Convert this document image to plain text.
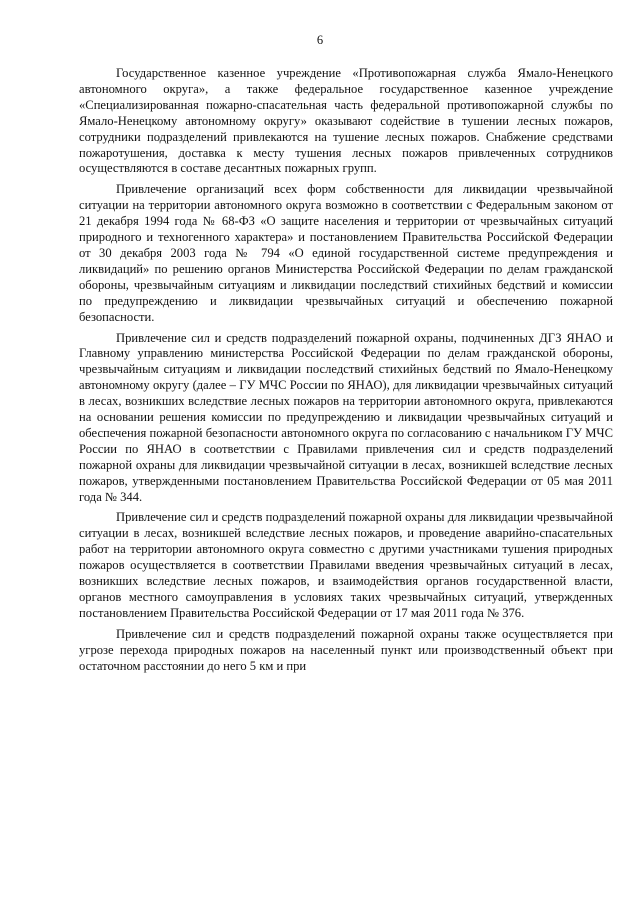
6

Государственное казенное учреждение «Противопожарная служба Ямало-Ненецкого автономного округа», а также федеральное государственное казенное учреждение «Специализированная пожарно-спасательная часть федеральной противопожарной службы по Ямало-Ненецкому автономному округу» оказывают содействие в тушении лесных пожаров, сотрудники подразделений привлекаются на тушение лесных пожаров. Снабжение средствами пожаротушения, доставка к месту тушения лесных пожаров привлеченных сотрудников осуществляются в составе десантных пожарных групп.

Привлечение организаций всех форм собственности для ликвидации чрезвычайной ситуации на территории автономного округа возможно в соответствии с Федеральным законом от 21 декабря 1994 года № 68-ФЗ «О защите населения и территории от чрезвычайных ситуаций природного и техногенного характера» и постановлением Правительства Российской Федерации от 30 декабря 2003 года № 794 «О единой государственной системе предупреждения и ликвидаций» по решению органов Министерства Российской Федерации по делам гражданской обороны, чрезвычайным ситуациям и ликвидации последствий стихийных бедствий и комиссии по предупреждению и ликвидации чрезвычайных ситуаций и обеспечению пожарной безопасности.

Привлечение сил и средств подразделений пожарной охраны, подчиненных ДГЗ ЯНАО и Главному управлению министерства Российской Федерации по делам гражданской обороны, чрезвычайным ситуациям и ликвидации последствий стихийных бедствий по Ямало-Ненецкому автономному округу (далее – ГУ МЧС России по ЯНАО), для ликвидации чрезвычайных ситуаций в лесах, возникших вследствие лесных пожаров на территории автономного округа, привлекаются на основании решения комиссии по предупреждению и ликвидации чрезвычайных ситуаций и обеспечения пожарной безопасности автономного округа по согласованию с начальником ГУ МЧС России по ЯНАО в соответствии с Правилами привлечения сил и средств подразделений пожарной охраны для ликвидации чрезвычайной ситуации в лесах, возникшей вследствие лесных пожаров, утвержденными постановлением Правительства Российской Федерации от 05 мая 2011 года № 344.

Привлечение сил и средств подразделений пожарной охраны для ликвидации чрезвычайной ситуации в лесах, возникшей вследствие лесных пожаров, и проведение аварийно-спасательных работ на территории автономного округа совместно с другими участниками тушения природных пожаров осуществляется в соответствии Правилами введения чрезвычайных ситуаций в лесах, возникших вследствие лесных пожаров, и взаимодействия органов государственной власти, органов местного самоуправления в условиях таких чрезвычайных ситуаций, утвержденных постановлением Правительства Российской Федерации от 17 мая 2011 года № 376.

Привлечение сил и средств подразделений пожарной охраны также осуществляется при угрозе перехода природных пожаров на населенный пункт или производственный объект при остаточном расстоянии до него 5 км и при
